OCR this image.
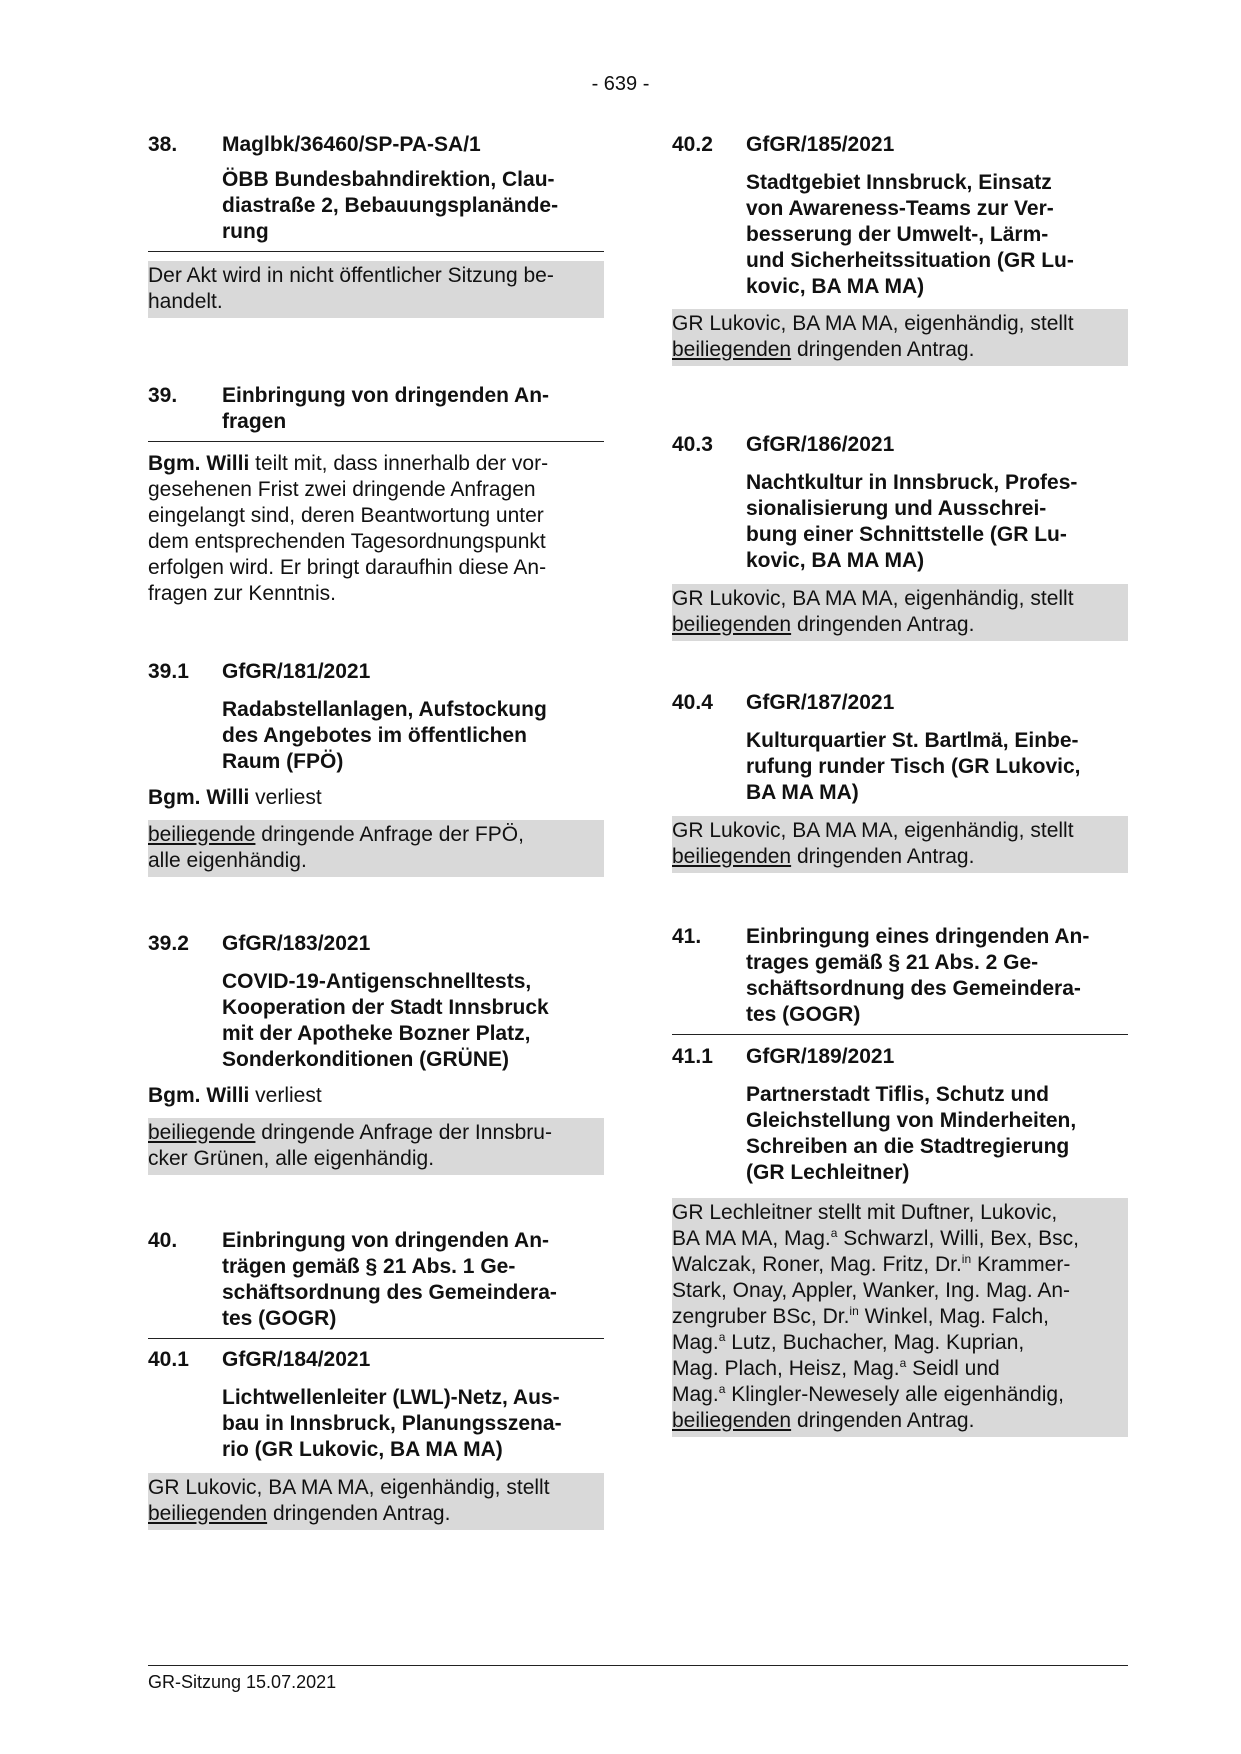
- 639 -
38. Maglbk/36460/SP-PA-SA/1
ÖBB Bundesbahndirektion, Clau-
diastraße 2, Bebauungsplanände-
rung
Der Akt wird in nicht öffentlicher Sitzung be-
handelt.
39. Einbringung von dringenden An-
fragen
Bgm. Willi teilt mit, dass innerhalb der vor-
gesehenen Frist zwei dringende Anfragen
eingelangt sind, deren Beantwortung unter
dem entsprechenden Tagesordnungspunkt
erfolgen wird. Er bringt daraufhin diese An-
fragen zur Kenntnis.
39.1 GfGR/181/2021
Radabstellanlagen, Aufstockung
des Angebotes im öffentlichen
Raum (FPÖ)
Bgm. Willi verliest
beiliegende dringende Anfrage der FPÖ,
alle eigenhändig.
39.2 GfGR/183/2021
COVID-19-Antigenschnelltests,
Kooperation der Stadt Innsbruck
mit der Apotheke Bozner Platz,
Sonderkonditionen (GRÜNE)
Bgm. Willi verliest
beiliegende dringende Anfrage der Innsbru-
cker Grünen, alle eigenhändig.
40. Einbringung von dringenden An-
trägen gemäß § 21 Abs. 1 Ge-
schäftsordnung des Gemeindera-
tes (GOGR)
40.1 GfGR/184/2021
Lichtwellenleiter (LWL)-Netz, Aus-
bau in Innsbruck, Planungsszena-
rio (GR Lukovic, BA MA MA)
GR Lukovic, BA MA MA, eigenhändig, stellt
beiliegenden dringenden Antrag.
40.2 GfGR/185/2021
Stadtgebiet Innsbruck, Einsatz
von Awareness-Teams zur Ver-
besserung der Umwelt-, Lärm-
und Sicherheitssituation (GR Lu-
kovic, BA MA MA)
GR Lukovic, BA MA MA, eigenhändig, stellt
beiliegenden dringenden Antrag.
40.3 GfGR/186/2021
Nachtkultur in Innsbruck, Profes-
sionalisierung und Ausschrei-
bung einer Schnittstelle (GR Lu-
kovic, BA MA MA)
GR Lukovic, BA MA MA, eigenhändig, stellt
beiliegenden dringenden Antrag.
40.4 GfGR/187/2021
Kulturquartier St. Bartlmä, Einbe-
rufung runder Tisch (GR Lukovic,
BA MA MA)
GR Lukovic, BA MA MA, eigenhändig, stellt
beiliegenden dringenden Antrag.
41. Einbringung eines dringenden An-
trages gemäß § 21 Abs. 2 Ge-
schäftsordnung des Gemeindera-
tes (GOGR)
41.1 GfGR/189/2021
Partnerstadt Tiflis, Schutz und
Gleichstellung von Minderheiten,
Schreiben an die Stadtregierung
(GR Lechleitner)
GR Lechleitner stellt mit Duftner, Lukovic,
BA MA MA, Mag.$^a$ Schwarzl, Willi, Bex, Bsc,
Walczak, Roner, Mag. Fritz, Dr.$^{in}$ Krammer-
Stark, Onay, Appler, Wanker, Ing. Mag. An-
zengruber BSc, Dr.$^{in}$ Winkel, Mag. Falch,
Mag.$^a$ Lutz, Buchacher, Mag. Kuprian,
Mag. Plach, Heisz, Mag.$^a$ Seidl und
Mag.$^a$ Klingler-Newesely alle eigenhändig,
beiliegenden dringenden Antrag.
GR-Sitzung 15.07.2021
